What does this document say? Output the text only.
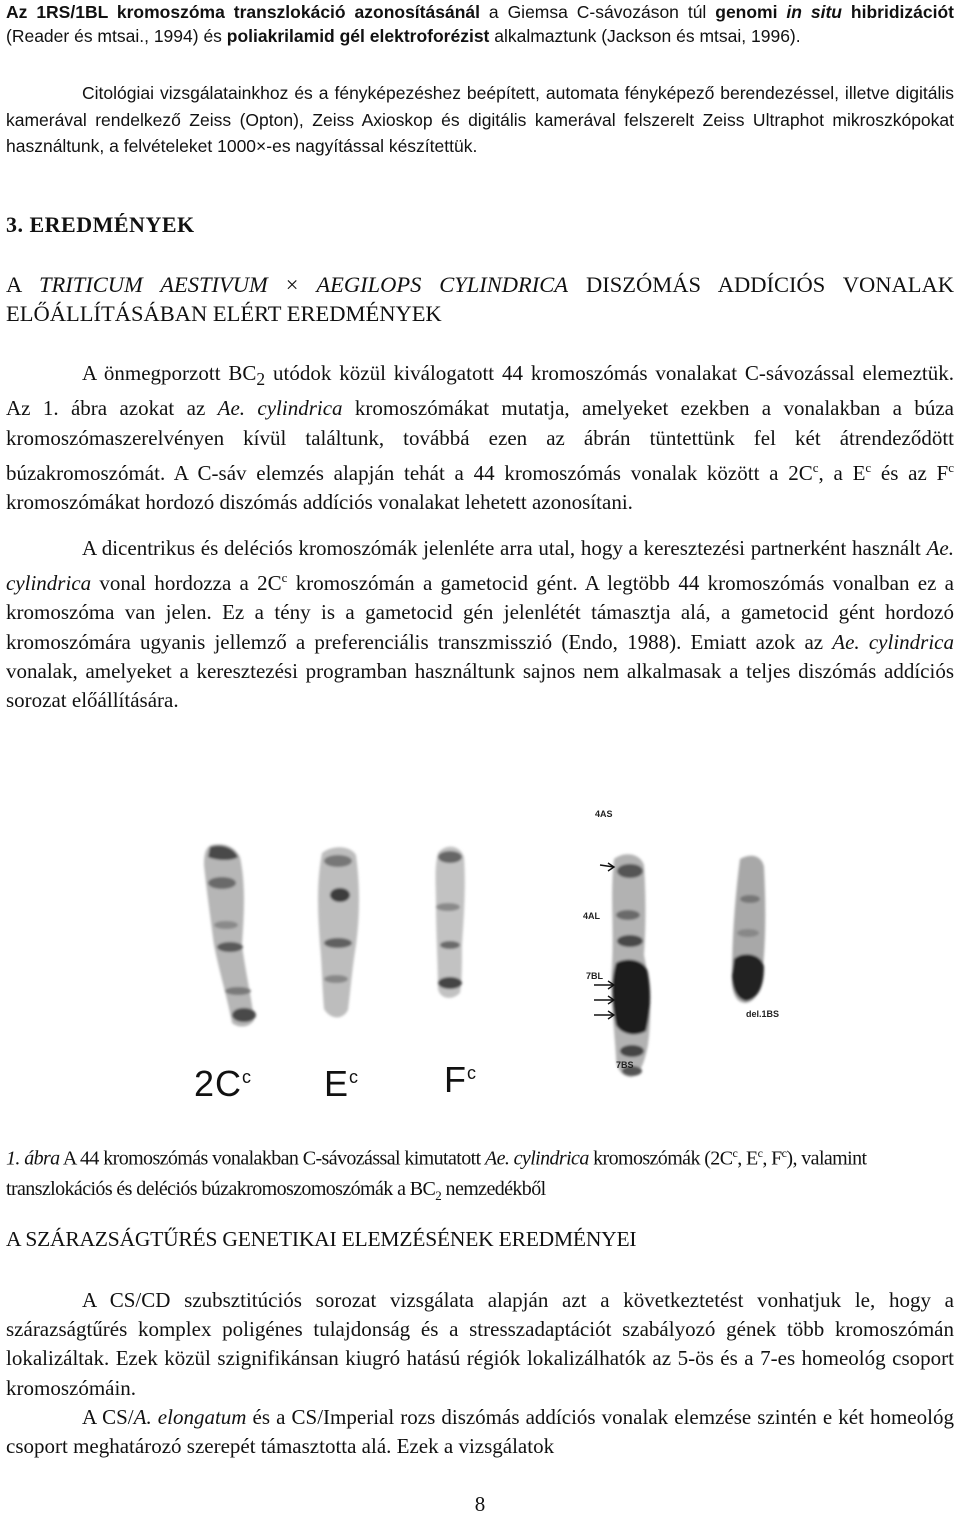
Az 1RS/1BL kromoszóma transzlokáció azonosításánál a Giemsa C-sávozáson túl genomi in situ hibridizációt (Reader és mtsai., 1994) és poliakrilamid gél elektroforézist alkalmaztunk (Jackson és mtsai, 1996).

Citológiai vizsgálatainkhoz és a fényképezéshez beépített, automata fényképező berendezéssel, illetve digitális kamerával rendelkező Zeiss (Opton), Zeiss Axioskop és digitális kamerával felszerelt Zeiss Ultraphot mikroszkópokat használtunk, a felvételeket 1000×-es nagyítással készítettük.

3. EREDMÉNYEK
A TRITICUM AESTIVUM × AEGILOPS CYLINDRICA DISZÓMÁS ADDÍCIÓS VONALAK ELŐÁLLÍTÁSÁBAN ELÉRT EREDMÉNYEK

A önmegporzott $BC_2$ utódok közül kiválogatott 44 kromoszómás vonalakat C-sávozással elemeztük. Az 1. ábra azokat az Ae. cylindrica kromoszómákat mutatja, amelyeket ezekben a vonalakban a búza kromoszómaszerelvényen kívül találtunk, továbbá ezen az ábrán tüntettünk fel két átrendeződött búzakromoszómát. A C-sáv elemzés alapján tehát a 44 kromoszómás vonalak között a $2C^c$, a $E^c$ és az $F^c$ kromoszómákat hordozó diszómás addíciós vonalakat lehetett azonosítani.

A dicentrikus és deléciós kromoszómák jelenléte arra utal, hogy a keresztezési partnerként használt Ae. cylindrica vonal hordozza a $2C^c$ kromoszómán a gametocid gént. A legtöbb 44 kromoszómás vonalban ez a kromoszóma van jelen. Ez a tény is a gametocid gén jelenlétét támasztja alá, a gametocid gént hordozó kromoszómára ugyanis jellemző a preferenciális transzmisszió (Endo, 1988). Emiatt azok az Ae. cylindrica vonalak, amelyeket a keresztezési programban használtunk sajnos nem alkalmasak a teljes diszómás addíciós sorozat előállítására.

4AS
4AL
7BL
del.1BS
7BS
$2C^c$ $E^c$ $F^c$

1. ábra A 44 kromoszómás vonalakban C-sávozással kimutatott Ae. cylindrica kromoszómák ($2C^c$, $E^c$, $F^c$), valamint transzlokációs és deléciós búzakromoszomoszómák a $BC_2$ nemzedékből

A SZÁRAZSÁGTŰRÉS GENETIKAI ELEMZÉSÉNEK EREDMÉNYEI

A CS/CD szubsztitúciós sorozat vizsgálata alapján azt a következtetést vonhatjuk le, hogy a szárazságtűrés komplex poligénes tulajdonság és a stresszadaptációt szabályozó gének több kromoszómán lokalizáltak. Ezek közül szignifikánsan kiugró hatású régiók lokalizálhatók az 5-ös és a 7-es homeológ csoport kromoszómáin.

A CS/A. elongatum és a CS/Imperial rozs diszómás addíciós vonalak elemzése szintén e két homeológ csoport meghatározó szerepét támasztotta alá. Ezek a vizsgálatok

8
